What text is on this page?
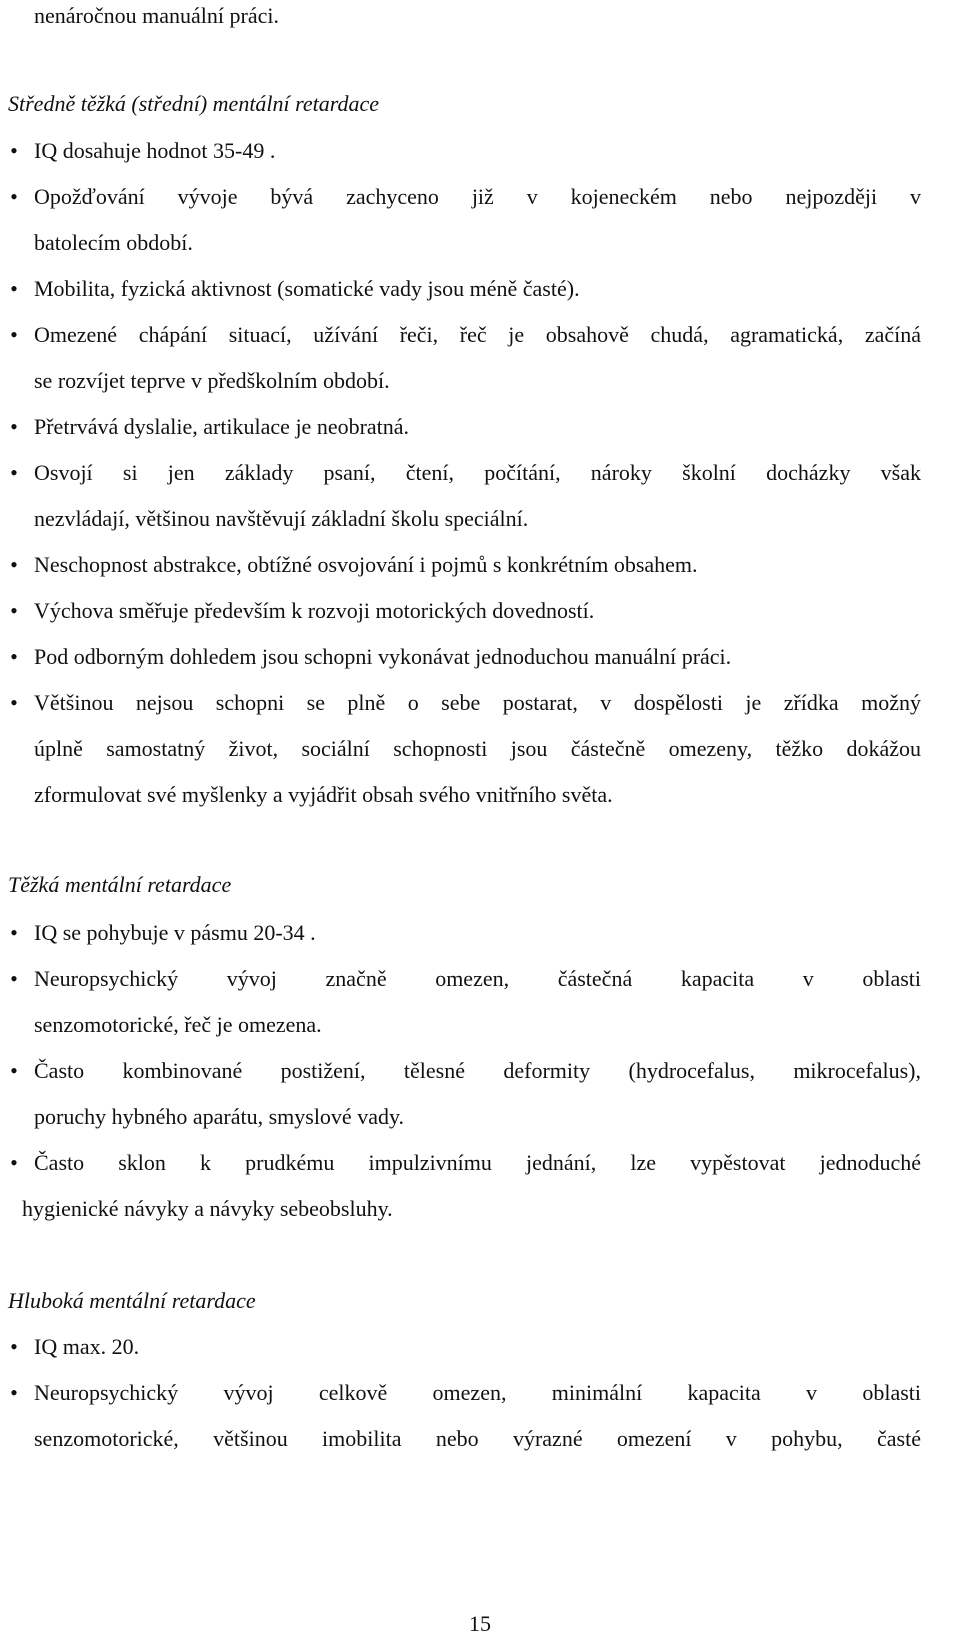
nenáročnou manuální práci.
Středně těžká (střední) mentální retardace
• IQ dosahuje hodnot 35-49 .
• Opožďování vývoje bývá zachyceno již v kojeneckém nebo nejpozději v
batolecím období.
• Mobilita, fyzická aktivnost (somatické vady jsou méně časté).
• Omezené chápání situací, užívání řeči, řeč je obsahově chudá, agramatická, začíná
se rozvíjet teprve v předškolním období.
• Přetrvává dyslalie, artikulace je neobratná.
• Osvojí si jen základy psaní, čtení, počítání, nároky školní docházky však
nezvládají, většinou navštěvují základní školu speciální.
• Neschopnost abstrakce, obtížné osvojování i pojmů s konkrétním obsahem.
• Výchova směřuje především k rozvoji motorických dovedností.
• Pod odborným dohledem jsou schopni vykonávat jednoduchou manuální práci.
• Většinou nejsou schopni se plně o sebe postarat, v dospělosti je zřídka možný
úplně samostatný život, sociální schopnosti jsou částečně omezeny, těžko dokážou
zformulovat své myšlenky a vyjádřit obsah svého vnitřního světa.
Těžká mentální retardace
• IQ se pohybuje v pásmu 20-34 .
• Neuropsychický vývoj značně omezen, částečná kapacita v oblasti
senzomotorické, řeč je omezena.
• Často kombinované postižení, tělesné deformity (hydrocefalus, mikrocefalus),
poruchy hybného aparátu, smyslové vady.
• Často sklon k prudkému impulzivnímu jednání, lze vypěstovat jednoduché
hygienické návyky a návyky sebeobsluhy.
Hluboká mentální retardace
• IQ max. 20.
• Neuropsychický vývoj celkově omezen, minimální kapacita v oblasti
senzomotorické, většinou imobilita nebo výrazné omezení v pohybu, časté
15
